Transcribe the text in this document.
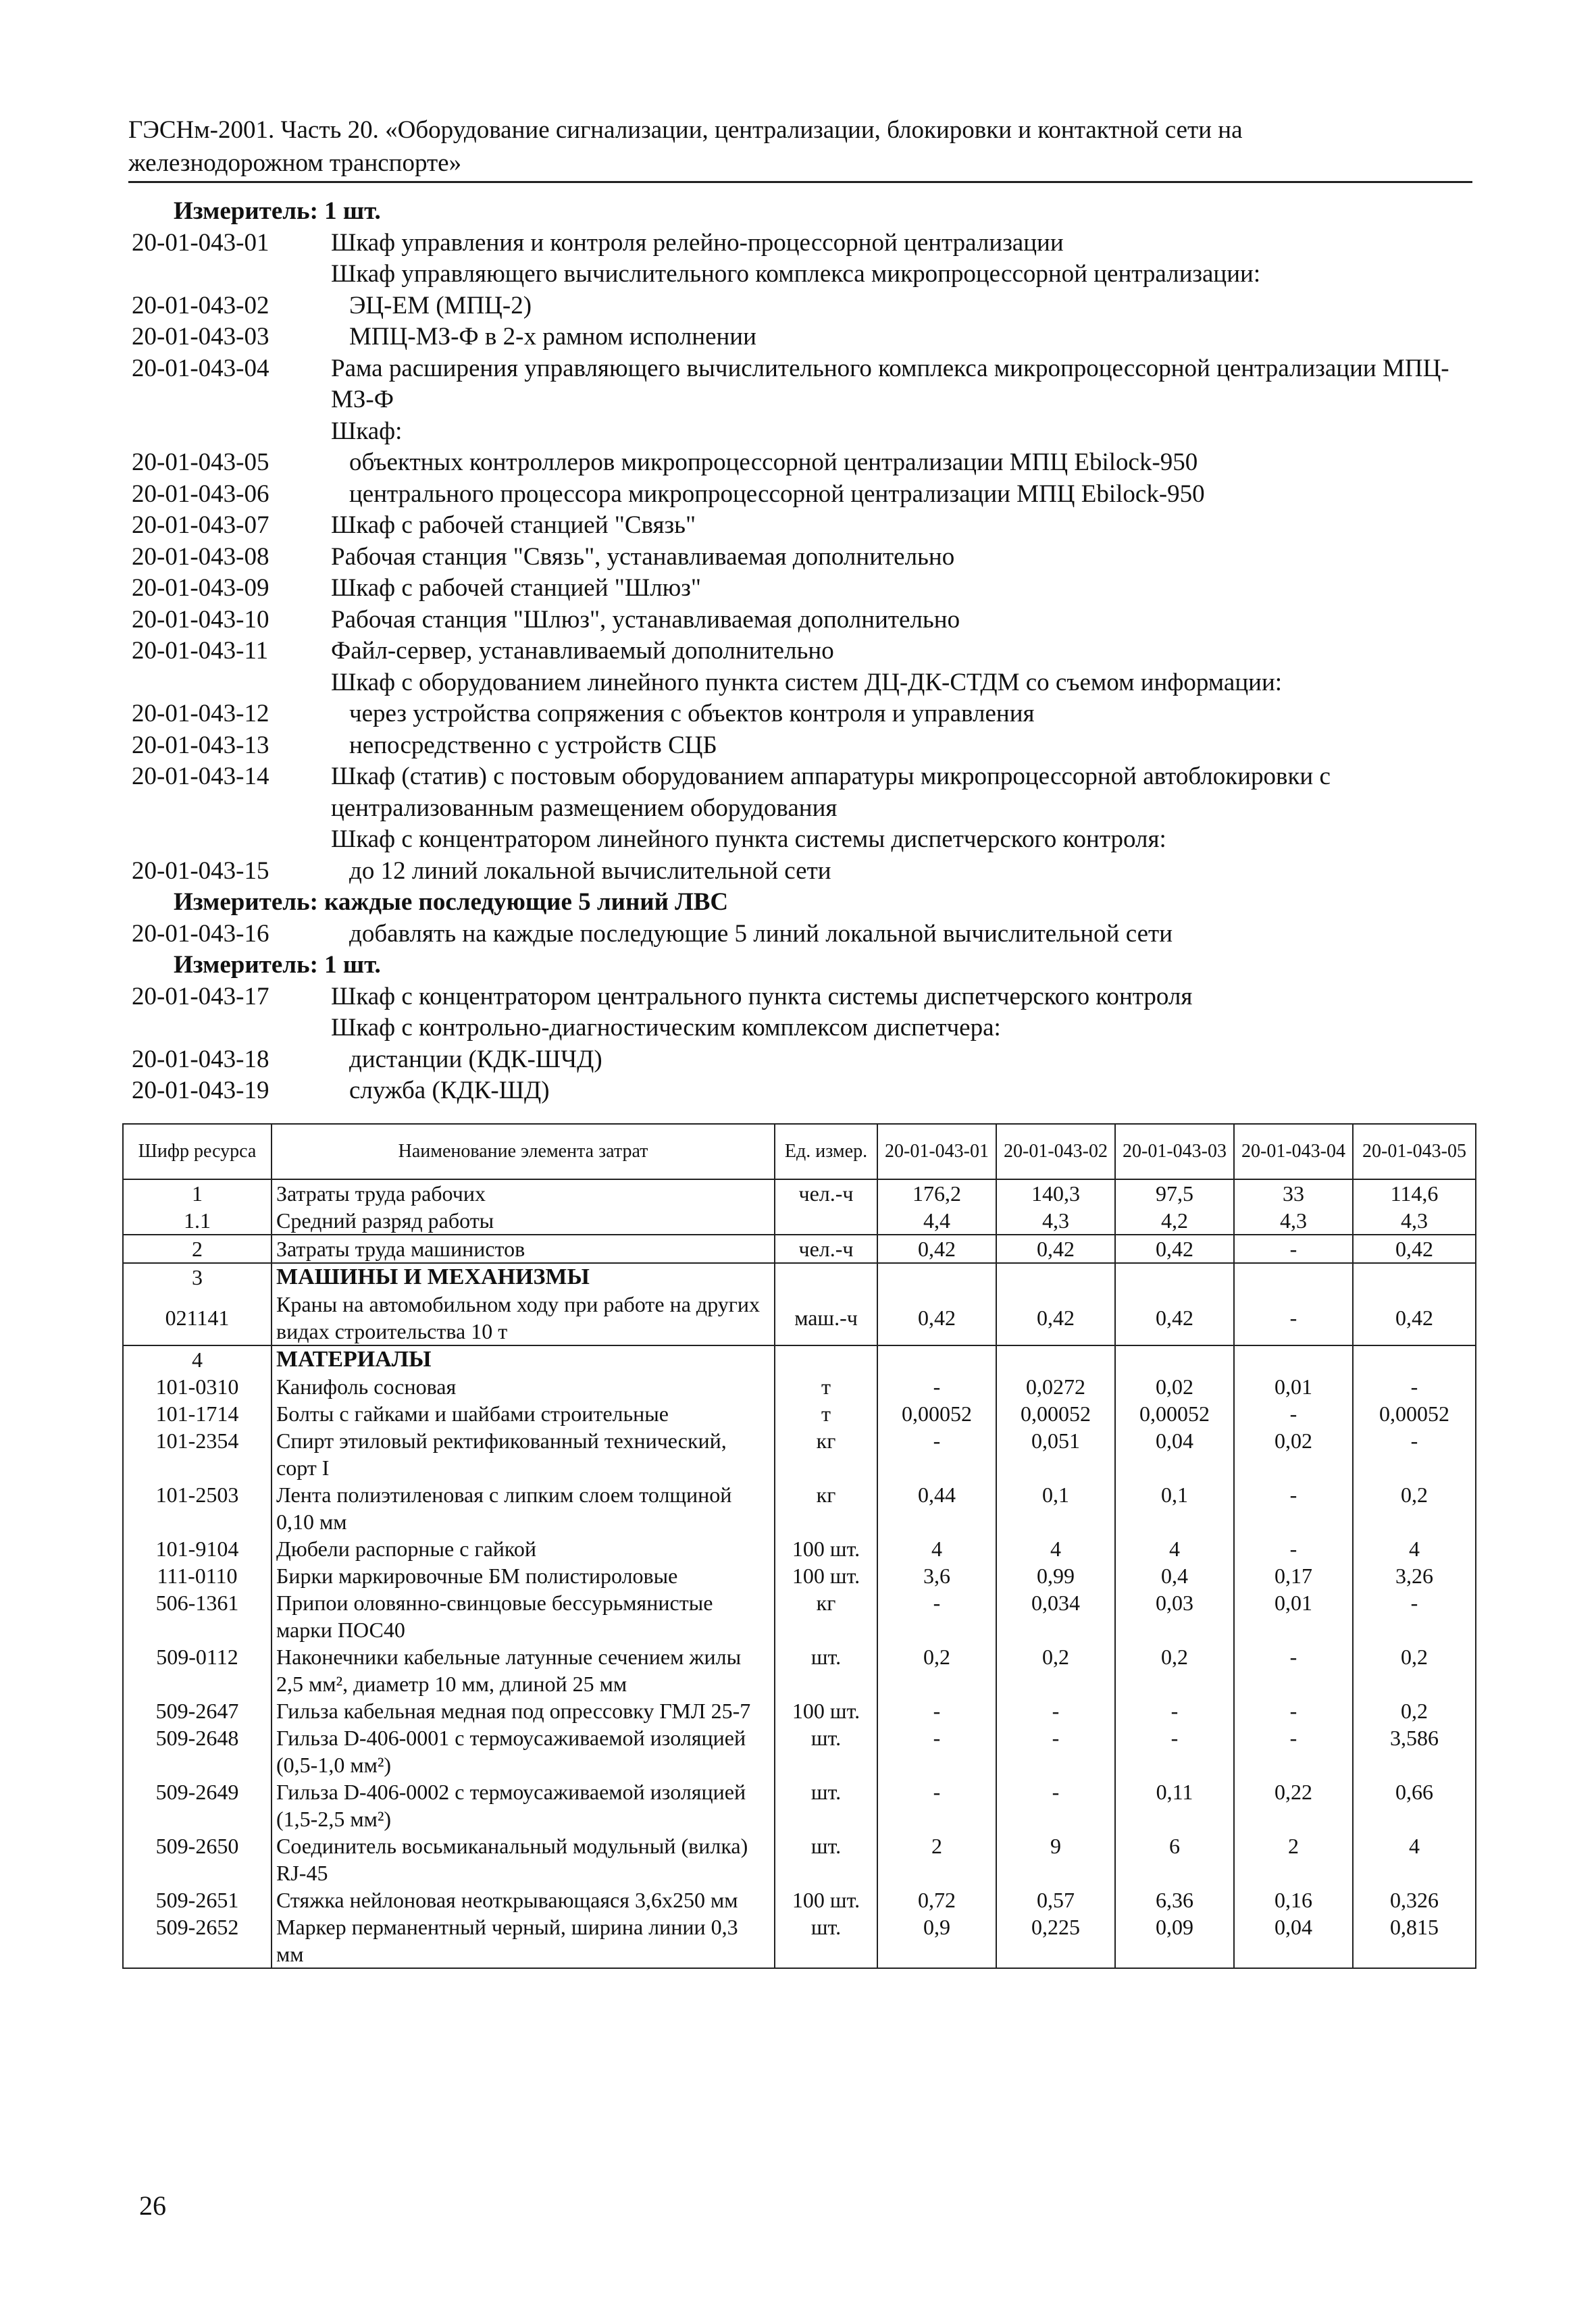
ГЭСНм-2001. Часть 20. «Оборудование сигнализации, централизации, блокировки и контактной сети на
железнодорожном транспорте»
Измеритель: 1 шт.
20-01-043-01 Шкаф управления и контроля релейно-процессорной централизации
Шкаф управляющего вычислительного комплекса микропроцессорной централизации:
20-01-043-02	ЭЦ-ЕМ (МПЦ-2)
20-01-043-03	МПЦ-МЗ-Ф в 2-х рамном исполнении
20-01-043-04 Рама расширения управляющего вычислительного комплекса микропроцессорной централизации МПЦ-МЗ-Ф
Шкаф:
20-01-043-05	объектных контроллеров микропроцессорной централизации МПЦ Ebilock-950
20-01-043-06	центрального процессора микропроцессорной централизации МПЦ Ebilock-950
20-01-043-07 Шкаф с рабочей станцией "Связь"
20-01-043-08 Рабочая станция "Связь", устанавливаемая дополнительно
20-01-043-09 Шкаф с рабочей станцией "Шлюз"
20-01-043-10 Рабочая станция "Шлюз", устанавливаемая дополнительно
20-01-043-11	Файл-сервер, устанавливаемый дополнительно
Шкаф с оборудованием линейного пункта систем ДЦ-ДК-СТДМ со съемом информации:
20-01-043-12	через устройства сопряжения с объектов контроля и управления
20-01-043-13	непосредственно с устройств СЦБ
20-01-043-14 Шкаф (статив) с постовым оборудованием аппаратуры микропроцессорной автоблокировки с централизованным размещением оборудования
Шкаф с концентратором линейного пункта системы диспетчерского контроля:
20-01-043-15	до 12 линий локальной вычислительной сети
Измеритель: каждые последующие 5 линий ЛВС
20-01-043-16	добавлять на каждые последующие 5 линий локальной вычислительной сети
Измеритель: 1 шт.
20-01-043-17 Шкаф с концентратором центрального пункта системы диспетчерского контроля
Шкаф с контрольно-диагностическим комплексом диспетчера:
20-01-043-18	дистанции (КДК-ШЧД)
20-01-043-19	служба (КДК-ШД)
Шифр ресурса	Наименование элемента затрат	Ед. измер.	20-01-043-01	20-01-043-02	20-01-043-03	20-01-043-04	20-01-043-05
1	Затраты труда рабочих	чел.-ч	176,2	140,3	97,5	33	114,6
1.1	Средний разряд работы		4,4	4,3	4,2	4,3	4,3
2	Затраты труда машинистов	чел.-ч	0,42	0,42	0,42	-	0,42
3	МАШИНЫ И МЕХАНИЗМЫ						
021141	Краны на автомобильном ходу при работе на других видах строительства 10 т	маш.-ч	0,42	0,42	0,42	-	0,42
4	МАТЕРИАЛЫ						
101-0310	Канифоль сосновая	т	-	0,0272	0,02	0,01	-
101-1714	Болты с гайками и шайбами строительные	т	0,00052	0,00052	0,00052	-	0,00052
101-2354	Спирт этиловый ректификованный технический, сорт I	кг	-	0,051	0,04	0,02	-
101-2503	Лента полиэтиленовая с липким слоем толщиной 0,10 мм	кг	0,44	0,1	0,1	-	0,2
101-9104	Дюбели распорные с гайкой	100 шт.	4	4	4	-	4
111-0110	Бирки маркировочные БМ полистироловые	100 шт.	3,6	0,99	0,4	0,17	3,26
506-1361	Припои оловянно-свинцовые бессурьмянистые марки ПОС40	кг	-	0,034	0,03	0,01	-
509-0112	Наконечники кабельные латунные сечением жилы 2,5 мм², диаметр 10 мм, длиной 25 мм	шт.	0,2	0,2	0,2	-	0,2
509-2647	Гильза кабельная медная под опрессовку ГМЛ 25-7	100 шт.	-	-	-	-	0,2
509-2648	Гильза D-406-0001 с термоусаживаемой изоляцией (0,5-1,0 мм²)	шт.	-	-	-	-	3,586
509-2649	Гильза D-406-0002 с термоусаживаемой изоляцией (1,5-2,5 мм²)	шт.	-	-	0,11	0,22	0,66
509-2650	Соединитель восьмиканальный модульный (вилка) RJ-45	шт.	2	9	6	2	4
509-2651	Стяжка нейлоновая неоткрывающаяся 3,6x250 мм	100 шт.	0,72	0,57	6,36	0,16	0,326
509-2652	Маркер перманентный черный, ширина линии 0,3 мм	шт.	0,9	0,225	0,09	0,04	0,815
26
